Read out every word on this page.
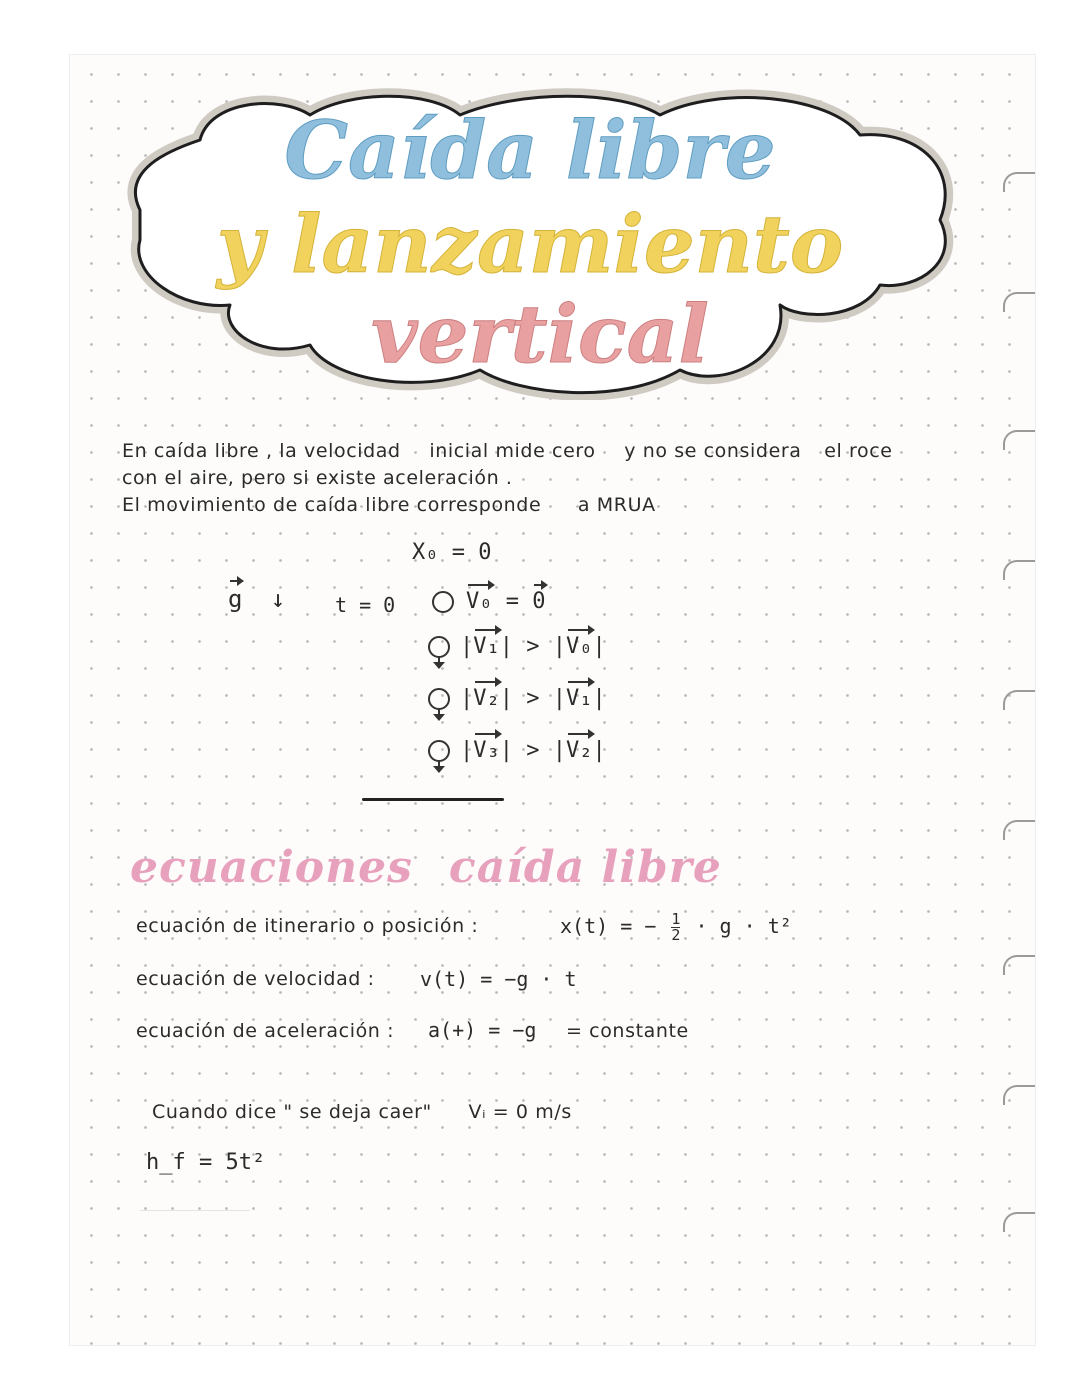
Caída libre
y lanzamiento
vertical
En caída libre , la velocidad inicial mide cero y no se considera el roce
con el aire, pero si existe aceleración .
El movimiento de caída libre corresponde a MRUA
X₀ = 0
g ↓ t = 0	V₀ = 0
|V₁| > |V₀|
|V₂| > |V₁|
|V₃| > |V₂|
ecuaciones caída libre
ecuación de itinerario o posición :	x(t) = − $\frac{1}{2} \cdot g \cdot t^2$
ecuación de velocidad : v(t) = −g · t
ecuación de aceleración : a(+) = −g = constante
Cuando dice " se deja caer" Vᵢ = 0 m/s
h_f = 5t²
